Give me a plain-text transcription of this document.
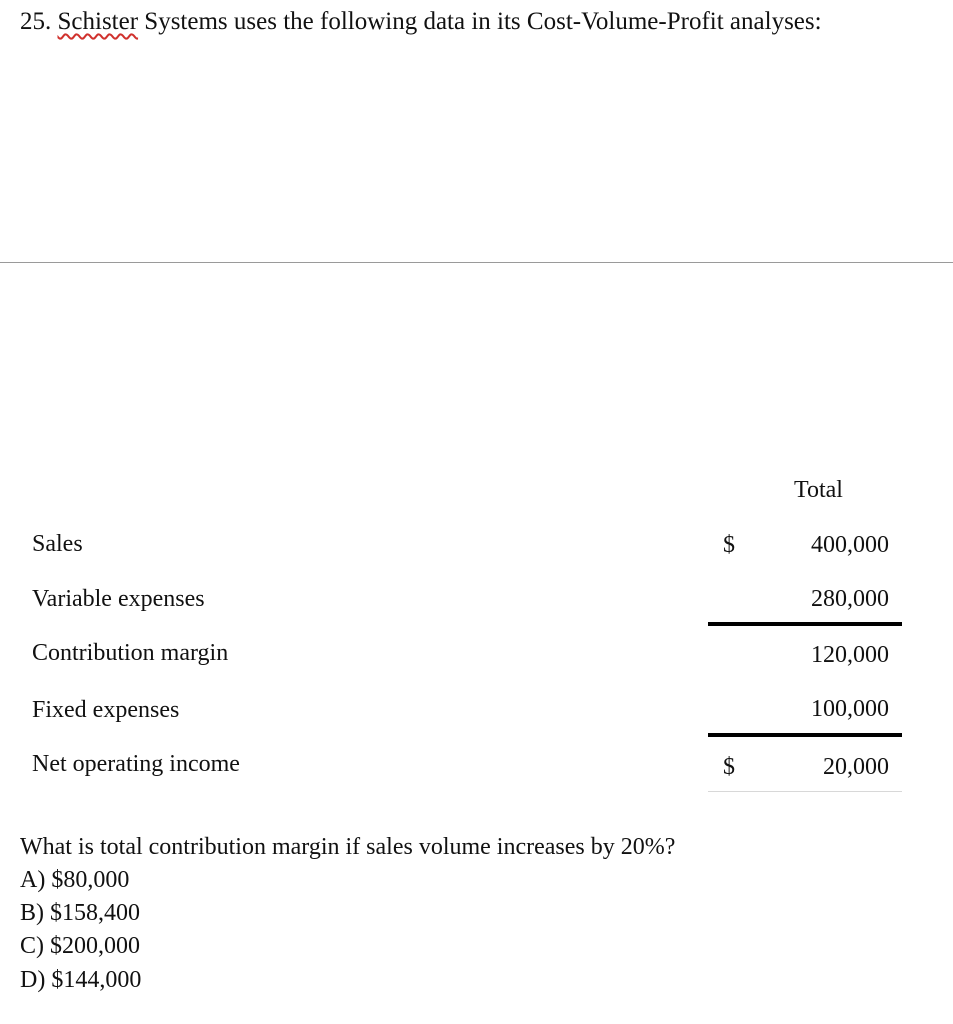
25. Schister Systems uses the following data in its Cost-Volume-Profit analyses:
Total
Sales	$	400,000
Variable expenses	280,000
Contribution margin	120,000
Fixed expenses	100,000
Net operating income	$	20,000
What is total contribution margin if sales volume increases by 20%?
A) $80,000
B) $158,400
C) $200,000
D) $144,000
